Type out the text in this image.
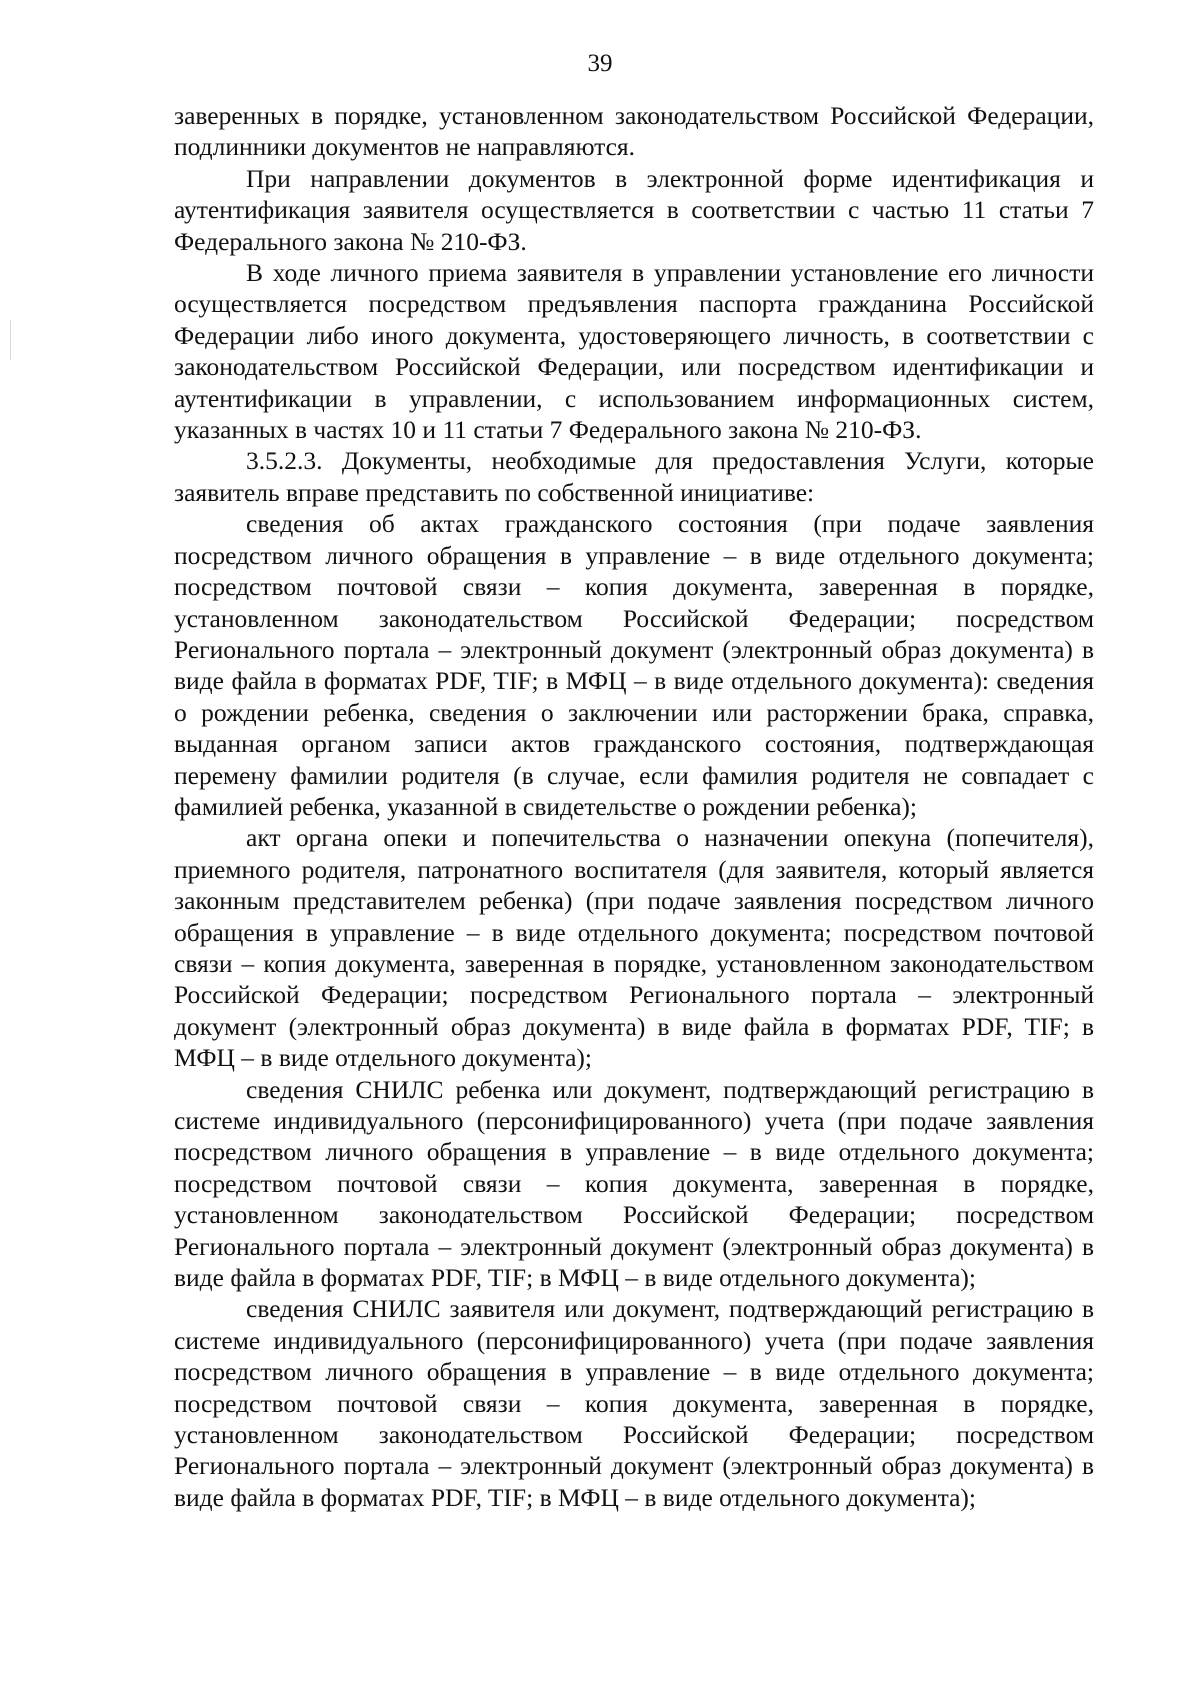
39

заверенных в порядке, установленном законодательством Российской Федерации, подлинники документов не направляются.

При направлении документов в электронной форме идентификация и аутентификация заявителя осуществляется в соответствии с частью 11 статьи 7 Федерального закона № 210-ФЗ.

В ходе личного приема заявителя в управлении установление его личности осуществляется посредством предъявления паспорта гражданина Российской Федерации либо иного документа, удостоверяющего личность, в соответствии с законодательством Российской Федерации, или посредством идентификации и аутентификации в управлении, с использованием информационных систем, указанных в частях 10 и 11 статьи 7 Федерального закона № 210-ФЗ.

3.5.2.3. Документы, необходимые для предоставления Услуги, которые заявитель вправе представить по собственной инициативе:

сведения об актах гражданского состояния (при подаче заявления посредством личного обращения в управление – в виде отдельного документа; посредством почтовой связи – копия документа, заверенная в порядке, установленном законодательством Российской Федерации; посредством Регионального портала – электронный документ (электронный образ документа) в виде файла в форматах PDF, TIF; в МФЦ – в виде отдельного документа): сведения о рождении ребенка, сведения о заключении или расторжении брака, справка, выданная органом записи актов гражданского состояния, подтверждающая перемену фамилии родителя (в случае, если фамилия родителя не совпадает с фамилией ребенка, указанной в свидетельстве о рождении ребенка);

акт органа опеки и попечительства о назначении опекуна (попечителя), приемного родителя, патронатного воспитателя (для заявителя, который является законным представителем ребенка) (при подаче заявления посредством личного обращения в управление – в виде отдельного документа; посредством почтовой связи – копия документа, заверенная в порядке, установленном законодательством Российской Федерации; посредством Регионального портала – электронный документ (электронный образ документа) в виде файла в форматах PDF, TIF; в МФЦ – в виде отдельного документа);

сведения СНИЛС ребенка или документ, подтверждающий регистрацию в системе индивидуального (персонифицированного) учета (при подаче заявления посредством личного обращения в управление – в виде отдельного документа; посредством почтовой связи – копия документа, заверенная в порядке, установленном законодательством Российской Федерации; посредством Регионального портала – электронный документ (электронный образ документа) в виде файла в форматах PDF, TIF; в МФЦ – в виде отдельного документа);

сведения СНИЛС заявителя или документ, подтверждающий регистрацию в системе индивидуального (персонифицированного) учета (при подаче заявления посредством личного обращения в управление – в виде отдельного документа; посредством почтовой связи – копия документа, заверенная в порядке, установленном законодательством Российской Федерации; посредством Регионального портала – электронный документ (электронный образ документа) в виде файла в форматах PDF, TIF; в МФЦ – в виде отдельного документа);
